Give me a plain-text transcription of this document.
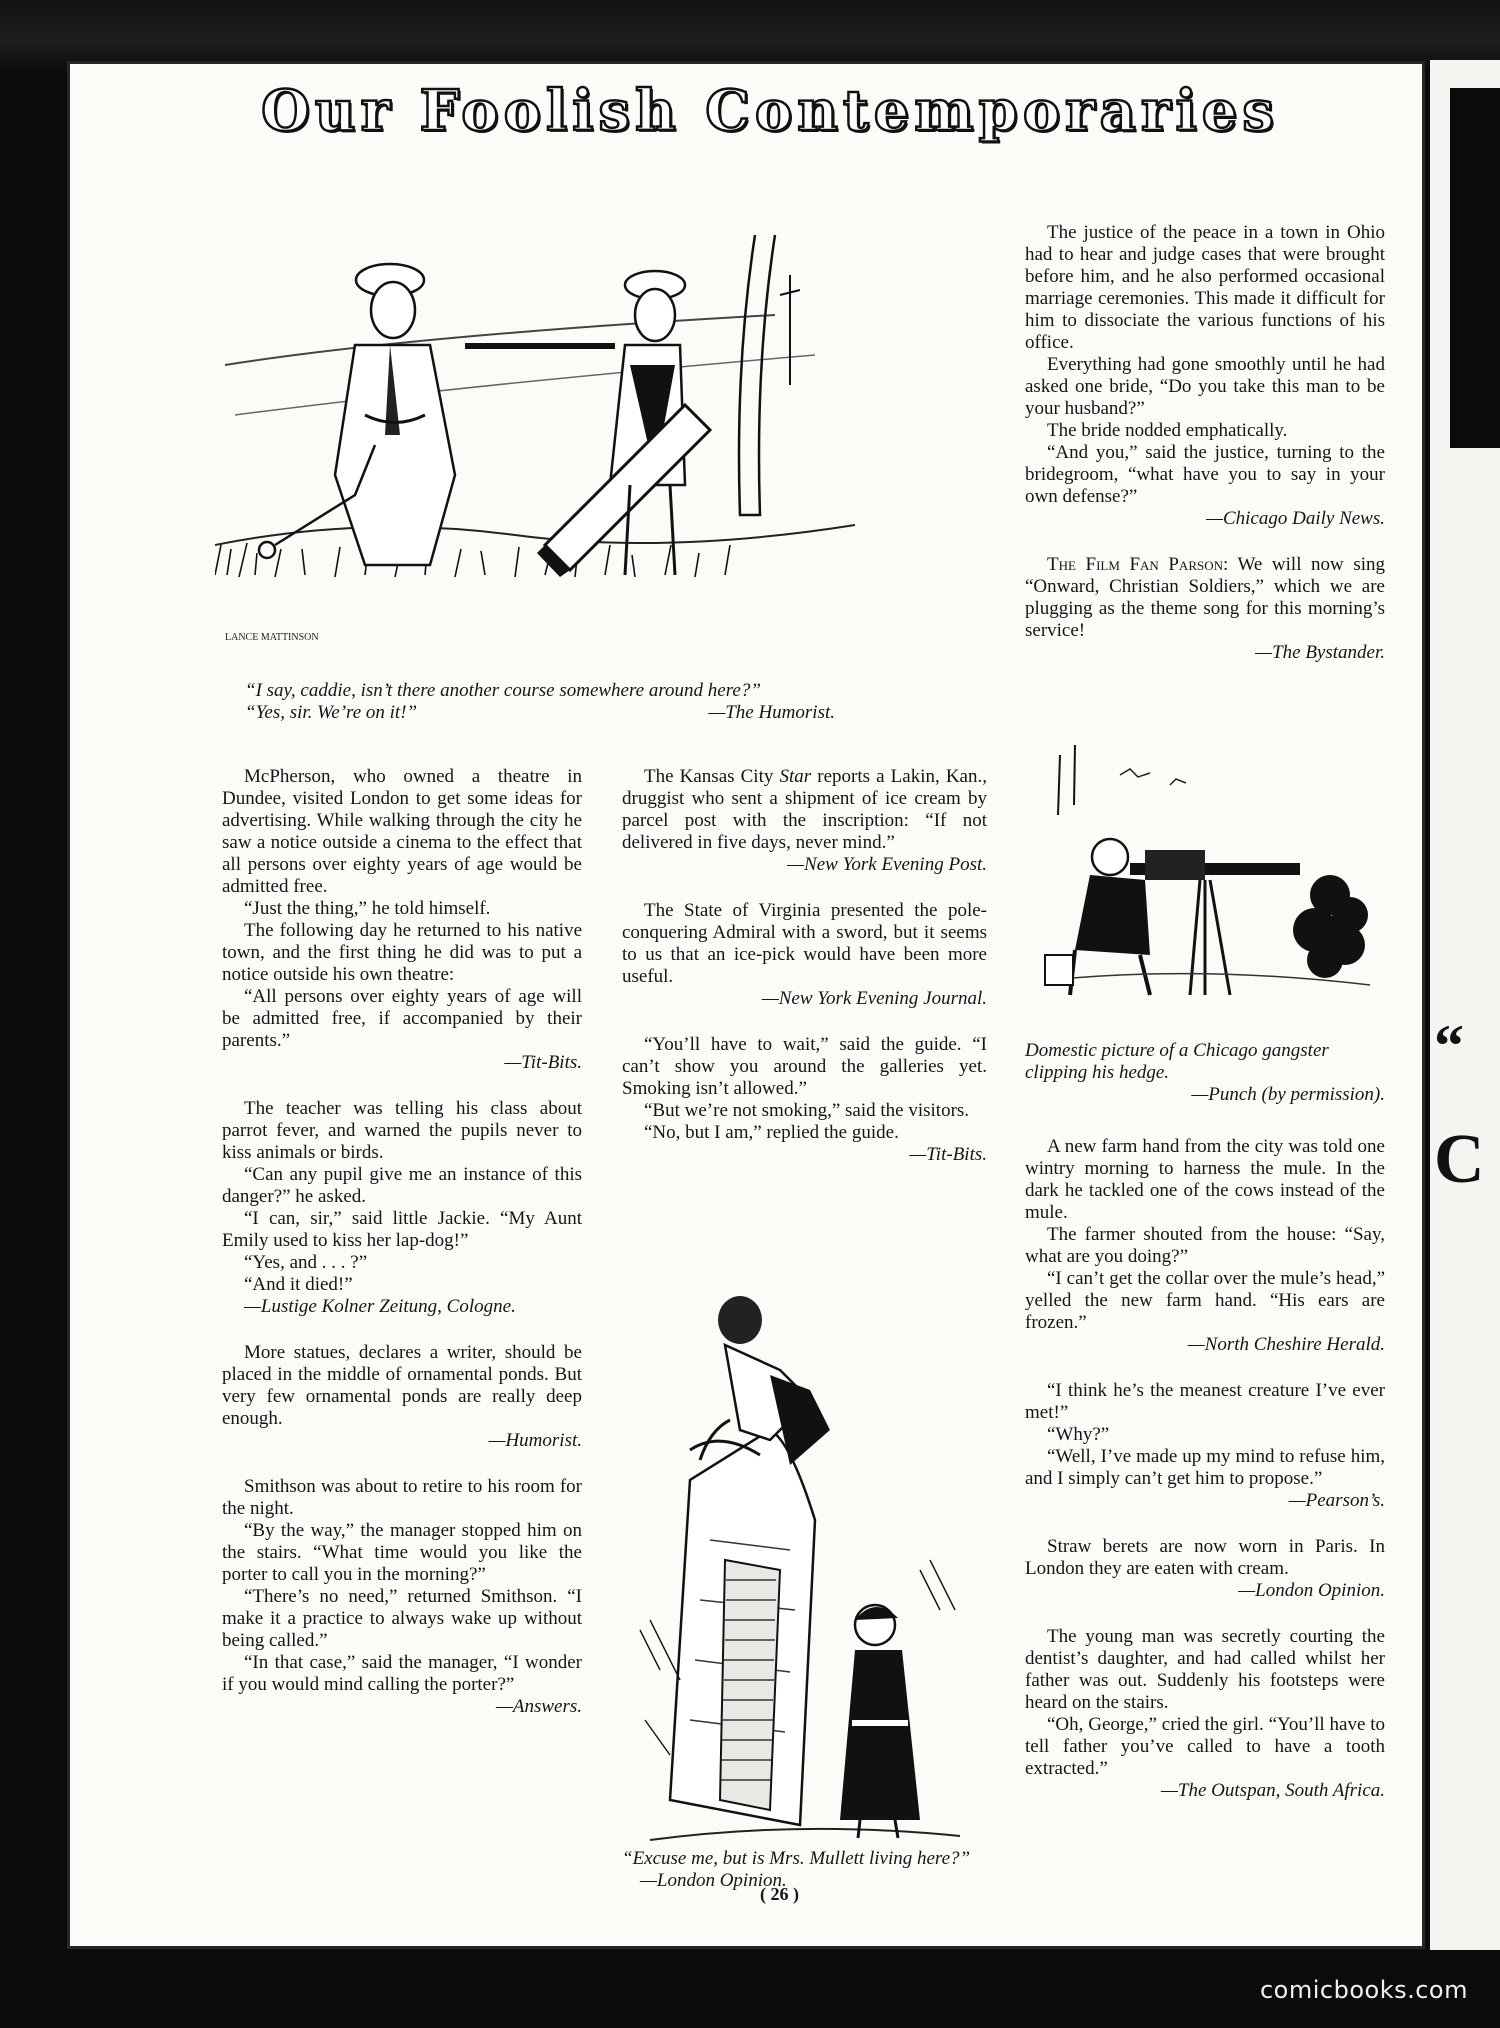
“
C
Our Foolish Contemporaries
LANCE MATTINSON
“I say, caddie, isn’t there another course somewhere around here?”
“Yes, sir. We’re on it!”	—The Humorist.

McPherson, who owned a theatre in Dundee, visited London to get some ideas for advertising. While walking through the city he saw a notice outside a cinema to the effect that all persons over eighty years of age would be admitted free.

“Just the thing,” he told himself.

The following day he returned to his native town, and the first thing he did was to put a notice outside his own theatre:

“All persons over eighty years of age will be admitted free, if accompanied by their parents.”

—Tit-Bits.

The teacher was telling his class about parrot fever, and warned the pupils never to kiss animals or birds.

“Can any pupil give me an instance of this danger?” he asked.

“I can, sir,” said little Jackie. “My Aunt Emily used to kiss her lap-dog!”

“Yes, and . . . ?”

“And it died!”

—Lustige Kolner Zeitung, Cologne.

More statues, declares a writer, should be placed in the middle of ornamental ponds. But very few ornamental ponds are really deep enough.

—Humorist.

Smithson was about to retire to his room for the night.

“By the way,” the manager stopped him on the stairs. “What time would you like the porter to call you in the morning?”

“There’s no need,” returned Smithson. “I make it a practice to always wake up without being called.”

“In that case,” said the manager, “I wonder if you would mind calling the porter?”

—Answers.

The Kansas City Star reports a Lakin, Kan., druggist who sent a shipment of ice cream by parcel post with the inscription: “If not delivered in five days, never mind.”

—New York Evening Post.

The State of Virginia presented the pole-conquering Admiral with a sword, but it seems to us that an ice-pick would have been more useful.

—New York Evening Journal.

“You’ll have to wait,” said the guide. “I can’t show you around the galleries yet. Smoking isn’t allowed.”

“But we’re not smoking,” said the visitors.

“No, but I am,” replied the guide.

—Tit-Bits.
“Excuse me, but is Mrs. Mullett living here?” —London Opinion.

The justice of the peace in a town in Ohio had to hear and judge cases that were brought before him, and he also performed occasional marriage ceremonies. This made it difficult for him to dissociate the various functions of his office.

Everything had gone smoothly until he had asked one bride, “Do you take this man to be your husband?”

The bride nodded emphatically.

“And you,” said the justice, turning to the bridegroom, “what have you to say in your own defense?”

—Chicago Daily News.

The Film Fan Parson: We will now sing “Onward, Christian Soldiers,” which we are plugging as the theme song for this morning’s service!

—The Bystander.
Domestic picture of a Chicago gangster clipping his hedge.
—Punch (by permission).

A new farm hand from the city was told one wintry morning to harness the mule. In the dark he tackled one of the cows instead of the mule.

The farmer shouted from the house: “Say, what are you doing?”

“I can’t get the collar over the mule’s head,” yelled the new farm hand. “His ears are frozen.”

—North Cheshire Herald.

“I think he’s the meanest creature I’ve ever met!”

“Why?”

“Well, I’ve made up my mind to refuse him, and I simply can’t get him to propose.”

—Pearson’s.

Straw berets are now worn in Paris. In London they are eaten with cream.

—London Opinion.

The young man was secretly courting the dentist’s daughter, and had called whilst her father was out. Suddenly his footsteps were heard on the stairs.

“Oh, George,” cried the girl. “You’ll have to tell father you’ve called to have a tooth extracted.”

—The Outspan, South Africa.
( 26 )
comicbooks.com
